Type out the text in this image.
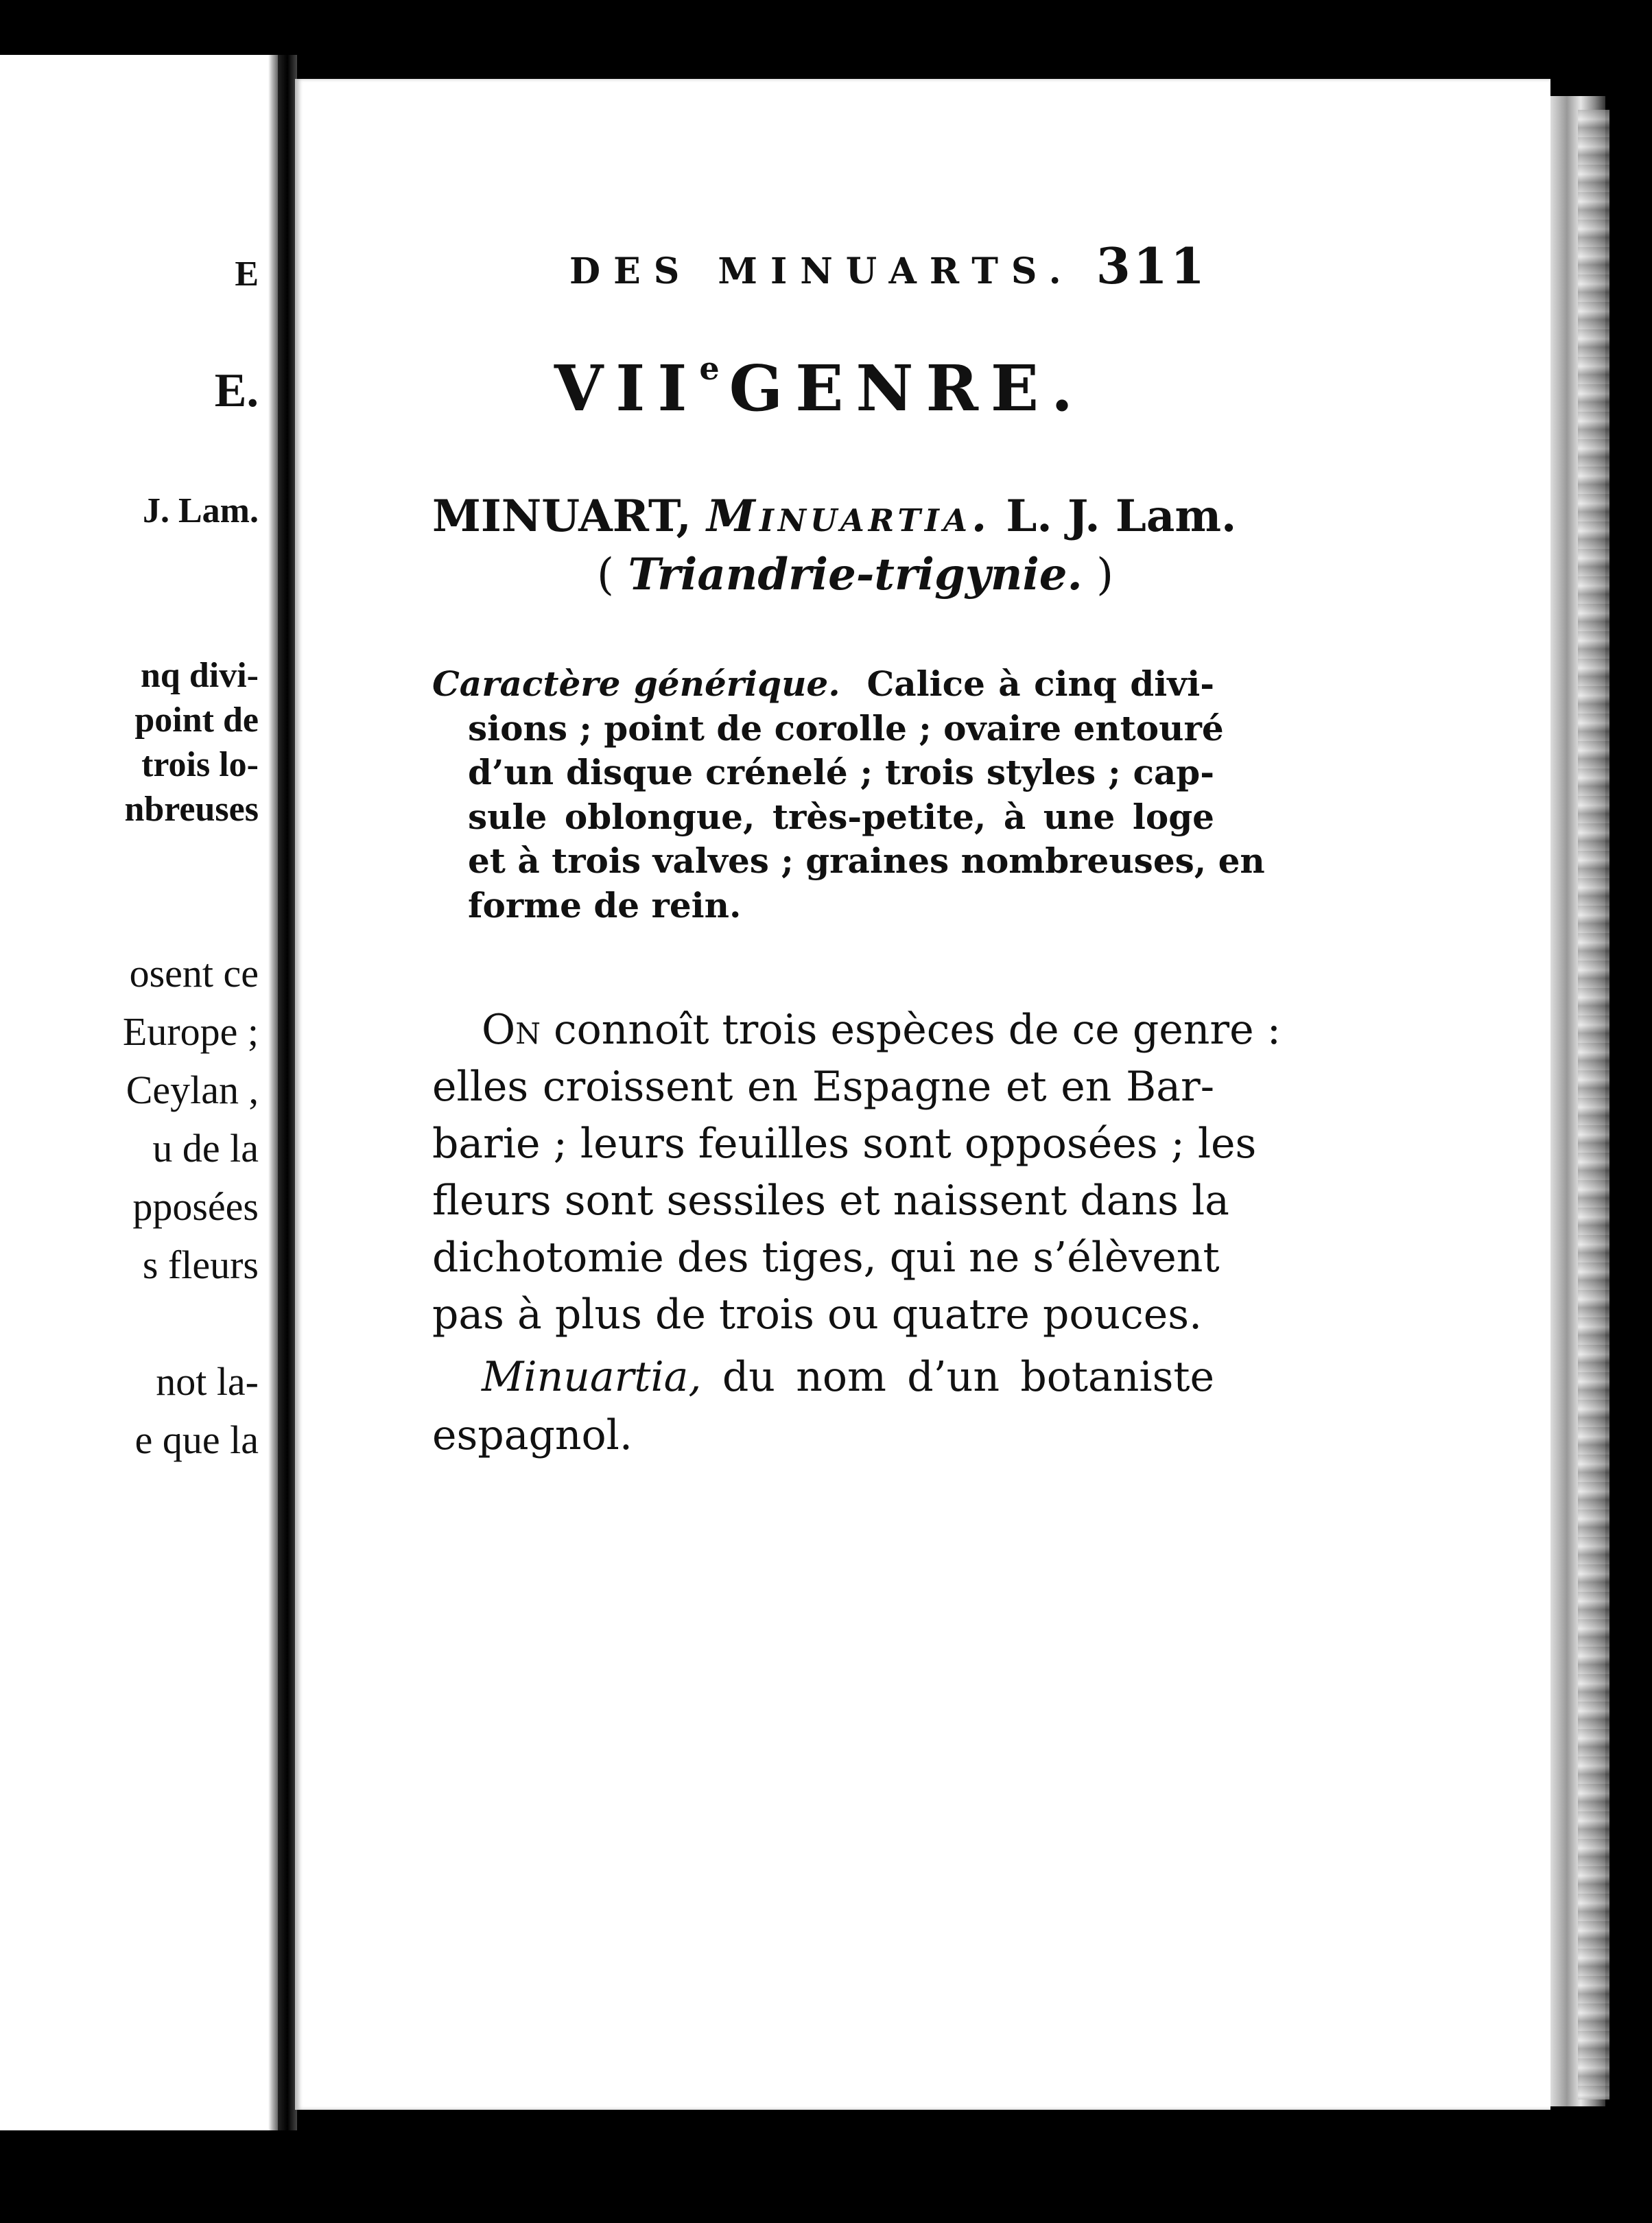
E
E.
J. Lam.
nq divi-
point de
trois lo-
nbreuses
osent ce
Europe ;
Ceylan ,
u de la
pposées
s fleurs
not la-
e que la
DES MINUARTS. 311
VIIe GENRE.
MINUART, Minuartia. L. J. Lam.
( Triandrie-trigynie. )
Caractère générique. Calice à cinq divi-
sions ; point de corolle ; ovaire entouré
d’un disque crénelé ; trois styles ; cap-
sule oblongue, très-petite, à une loge
et à trois valves ; graines nombreuses, en
forme de rein.
On connoît trois espèces de ce genre :
elles croissent en Espagne et en Bar-
barie ; leurs feuilles sont opposées ; les
fleurs sont sessiles et naissent dans la
dichotomie des tiges, qui ne s’élèvent
pas à plus de trois ou quatre pouces.
Minuartia, du nom d’un botaniste
espagnol.
